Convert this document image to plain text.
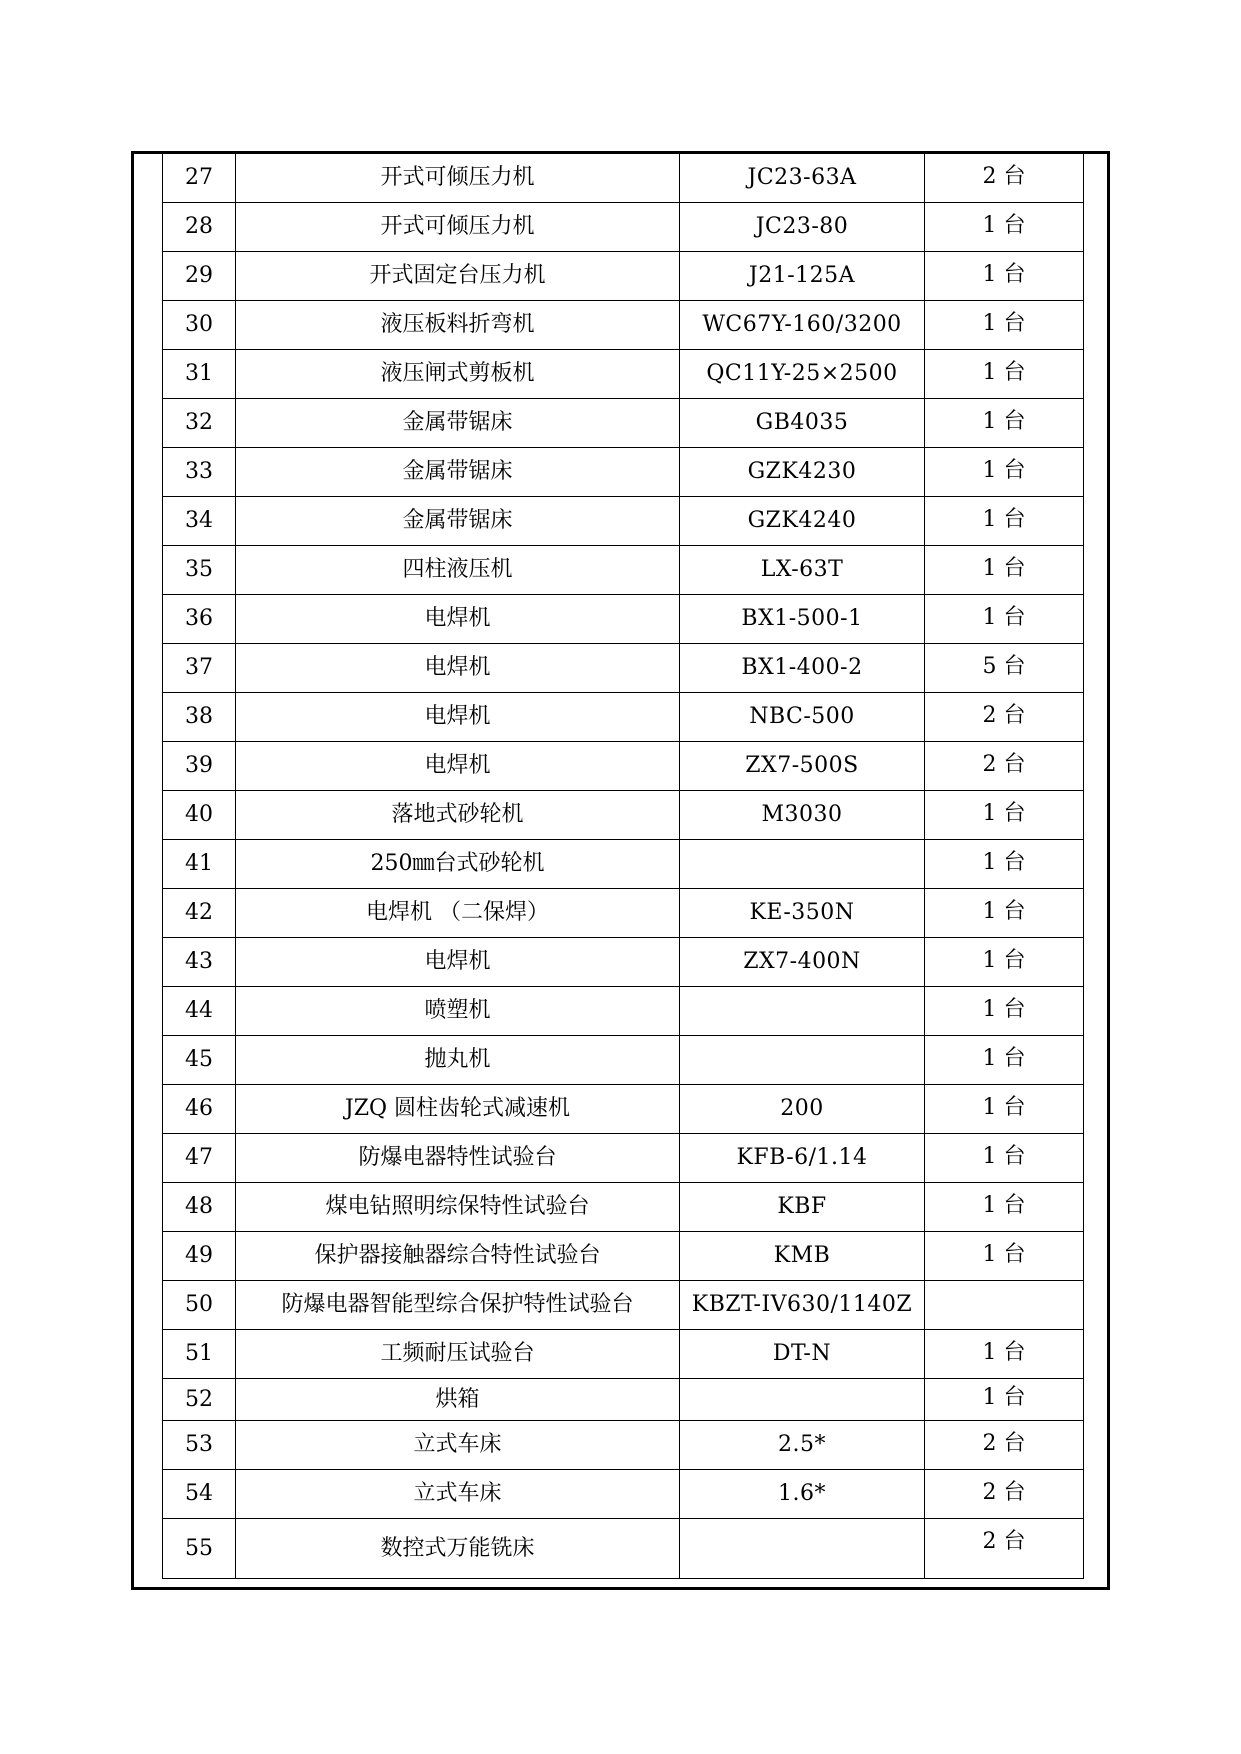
27	开式可倾压力机	JC23-63A	2 台
28	开式可倾压力机	JC23-80	1 台
29	开式固定台压力机	J21-125A	1 台
30	液压板料折弯机	WC67Y-160/3200	1 台
31	液压闸式剪板机	QC11Y-25×2500	1 台
32	金属带锯床	GB4035	1 台
33	金属带锯床	GZK4230	1 台
34	金属带锯床	GZK4240	1 台
35	四柱液压机	LX-63T	1 台
36	电焊机	BX1-500-1	1 台
37	电焊机	BX1-400-2	5 台
38	电焊机	NBC-500	2 台
39	电焊机	ZX7-500S	2 台
40	落地式砂轮机	M3030	1 台
41	250㎜台式砂轮机		1 台
42	电焊机 （二保焊）	KE-350N	1 台
43	电焊机	ZX7-400N	1 台
44	喷塑机		1 台
45	抛丸机		1 台
46	JZQ 圆柱齿轮式减速机	200	1 台
47	防爆电器特性试验台	KFB-6/1.14	1 台
48	煤电钻照明综保特性试验台	KBF	1 台
49	保护器接触器综合特性试验台	KMB	1 台
50	防爆电器智能型综合保护特性试验台	KBZT-IV630/1140Z	
51	工频耐压试验台	DT-N	1 台
52	烘箱		1 台
53	立式车床	2.5*	2 台
54	立式车床	1.6*	2 台
55	数控式万能铣床		2 台
